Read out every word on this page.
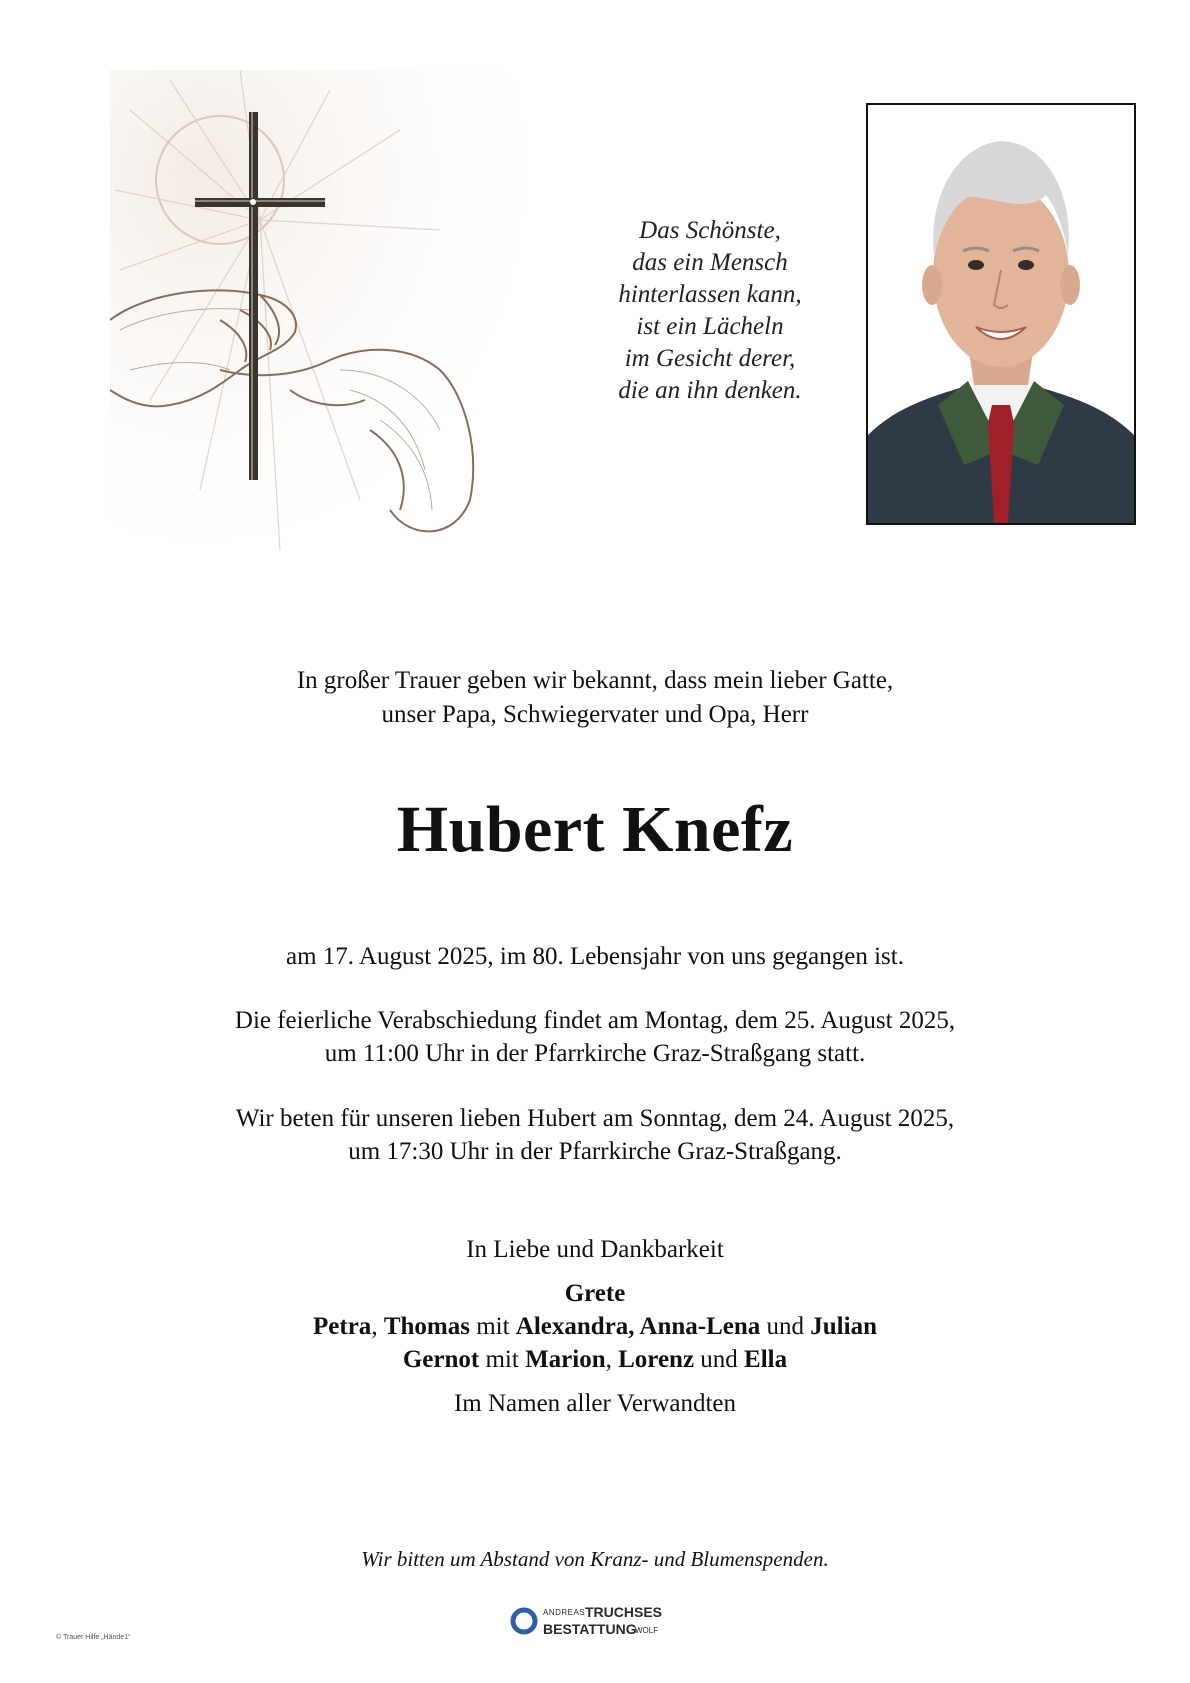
Das Schönste,
das ein Mensch
hinterlassen kann,
ist ein Lächeln
im Gesicht derer,
die an ihn denken.
In großer Trauer geben wir bekannt, dass mein lieber Gatte,
unser Papa, Schwiegervater und Opa, Herr
Hubert Knefz
am 17. August 2025, im 80. Lebensjahr von uns gegangen ist.
Die feierliche Verabschiedung findet am Montag, dem 25. August 2025,
um 11:00 Uhr in der Pfarrkirche Graz-Straßgang statt.
Wir beten für unseren lieben Hubert am Sonntag, dem 24. August 2025,
um 17:30 Uhr in der Pfarrkirche Graz-Straßgang.
In Liebe und Dankbarkeit
Grete
Petra, Thomas mit Alexandra, Anna-Lena und Julian
Gernot mit Marion, Lorenz und Ella
Im Namen aller Verwandten
Wir bitten um Abstand von Kranz- und Blumenspenden.
ANDREAS TRUCHSES
BESTATTUNG
WOLF
© Trauer Hilfe „Hände1“
